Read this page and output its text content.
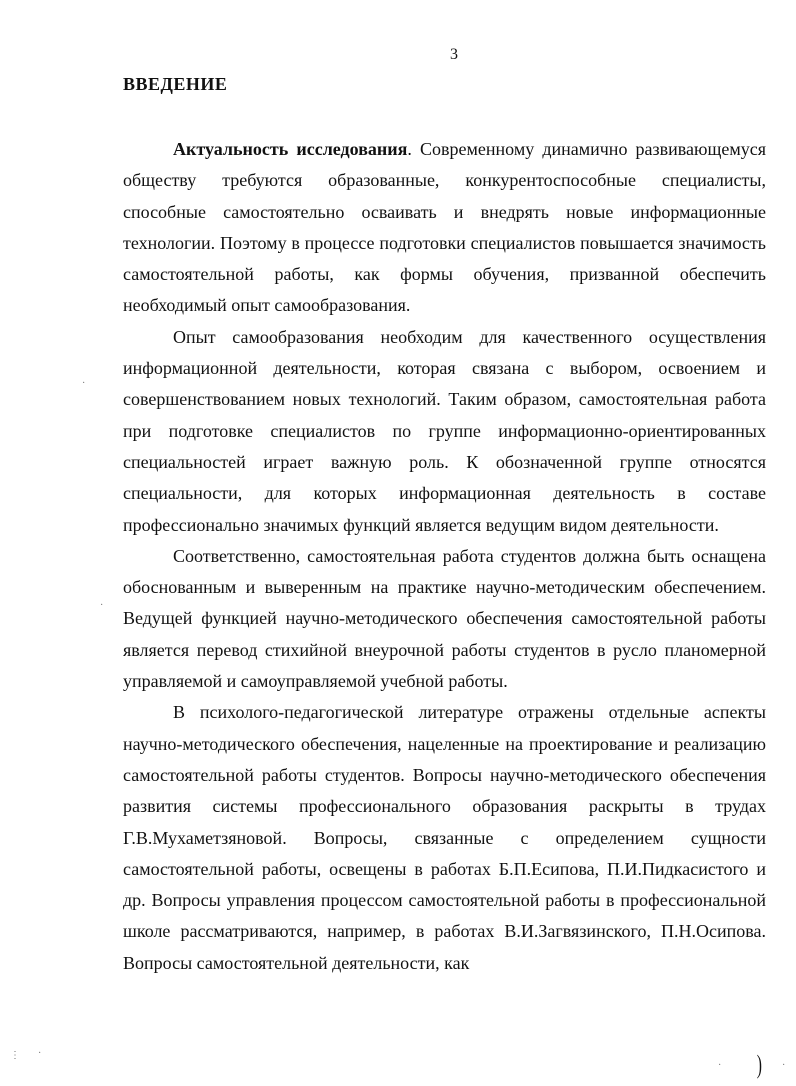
3
ВВЕДЕНИЕ

Актуальность исследования. Современному динамично развивающемуся обществу требуются образованные, конкурентоспособные специалисты, способные самостоятельно осваивать и внедрять новые информационные технологии. Поэтому в процессе подготовки специалистов повышается значимость самостоятельной работы, как формы обучения, призванной обеспечить необходимый опыт самообразования.

Опыт самообразования необходим для качественного осуществления информационной деятельности, которая связана с выбором, освоением и совершенствованием новых технологий. Таким образом, самостоятельная работа при подготовке специалистов по группе информационно-ориентированных специальностей играет важную роль. К обозначенной группе относятся специальности, для которых информационная деятельность в составе профессионально значимых функций является ведущим видом деятельности.

Соответственно, самостоятельная работа студентов должна быть оснащена обоснованным и выверенным на практике научно-методическим обеспечением. Ведущей функцией научно-методического обеспечения самостоятельной работы является перевод стихийной внеурочной работы студентов в русло планомерной управляемой и самоуправляемой учебной работы.

В психолого-педагогической литературе отражены отдельные аспекты научно-методического обеспечения, нацеленные на проектирование и реализацию самостоятельной работы студентов. Вопросы научно-методического обеспечения развития системы профессионального образования раскрыты в трудах Г.В.Мухаметзяновой. Вопросы, связанные с определением сущности самостоятельной работы, освещены в работах Б.П.Есипова, П.И.Пидкасистого и др. Вопросы управления процессом самостоятельной работы в профессиональной школе рассматриваются, например, в работах В.И.Загвязинского, П.Н.Осипова. Вопросы самостоятельной деятельности, как

·
·
⋮ ·
·	·
)
